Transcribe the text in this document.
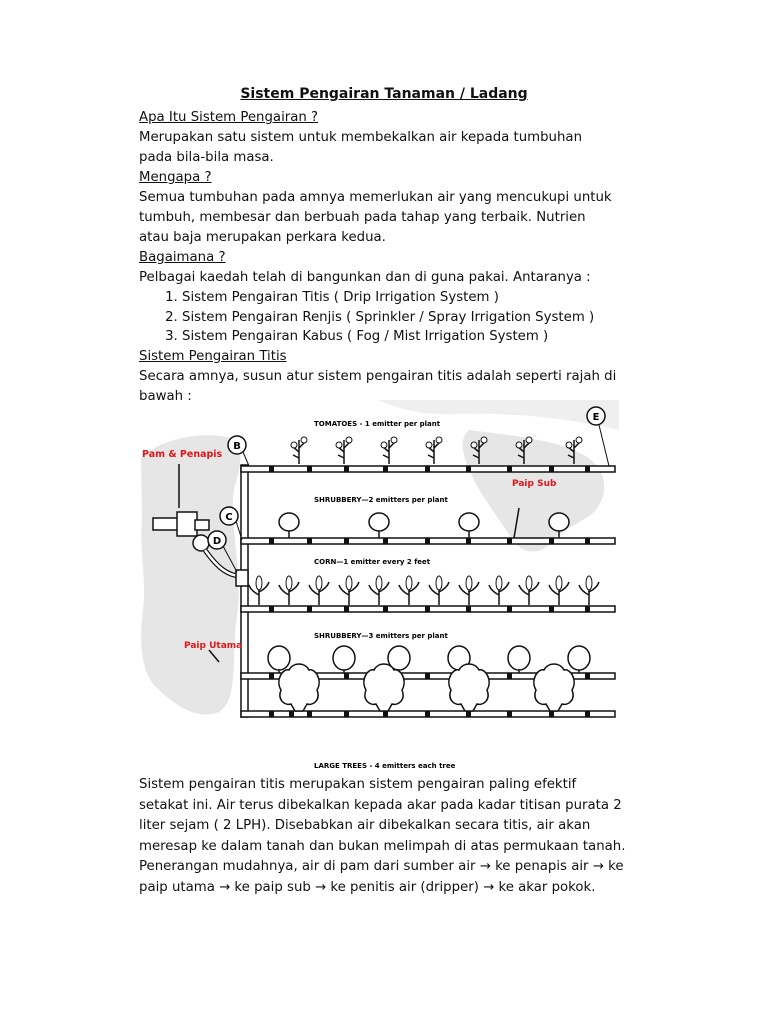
Sistem Pengairan Tanaman / Ladang
Apa Itu Sistem Pengairan ?
Merupakan satu sistem untuk membekalkan air kepada tumbuhan pada bila-bila masa.
Mengapa ?
Semua tumbuhan pada amnya memerlukan air yang mencukupi untuk tumbuh, membesar dan berbuah pada tahap yang terbaik. Nutrien atau baja merupakan perkara kedua.
Bagaimana ?
Pelbagai kaedah telah di bangunkan dan di guna pakai. Antaranya :
1. Sistem Pengairan Titis ( Drip Irrigation System )
2. Sistem Pengairan Renjis ( Sprinkler / Spray Irrigation System )
3. Sistem Pengairan Kabus ( Fog / Mist Irrigation System )
Sistem Pengairan Titis
Secara amnya, susun atur sistem pengairan titis adalah seperti rajah di bawah :
B
C
D
E
TOMATOES - 1 emitter per plant
SHRUBBERY—2 emitters per plant
CORN—1 emitter every 2 feet
SHRUBBERY—3 emitters per plant
LARGE TREES - 4 emitters each tree
Pam & Penapis
Paip Sub
Paip Utama
Sistem pengairan titis merupakan sistem pengairan paling efektif setakat ini. Air terus dibekalkan kepada akar pada kadar titisan purata 2 liter sejam ( 2 LPH). Disebabkan air dibekalkan secara titis, air akan meresap ke dalam tanah dan bukan melimpah di atas permukaan tanah.
Penerangan mudahnya, air di pam dari sumber air → ke penapis air → ke paip utama → ke paip sub → ke penitis air (dripper) → ke akar pokok.
